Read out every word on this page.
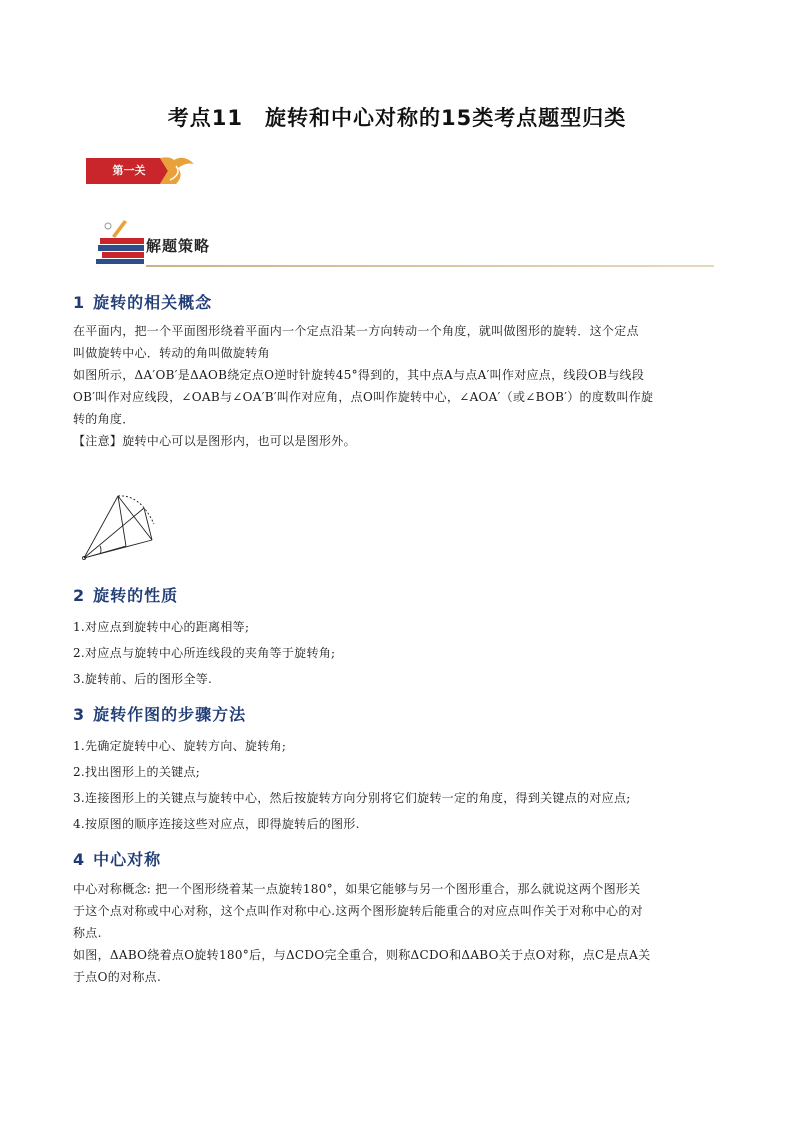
考点11　旋转和中心对称的15类考点题型归类
第一关
解题策略
1 旋转的相关概念
在平面内，把一个平面图形绕着平面内一个定点沿某一方向转动一个角度，就叫做图形的旋转．这个定点
叫做旋转中心．转动的角叫做旋转角
如图所示，ΔA′OB′是ΔAOB绕定点O逆时针旋转45°得到的，其中点A与点A′叫作对应点，线段OB与线段
OB′叫作对应线段，∠OAB与∠OA′B′叫作对应角，点O叫作旋转中心，∠AOA′（或∠BOB′）的度数叫作旋
转的角度．
【注意】旋转中心可以是图形内，也可以是图形外。
2 旋转的性质
1.对应点到旋转中心的距离相等;
2.对应点与旋转中心所连线段的夹角等于旋转角;
3.旋转前、后的图形全等.
3 旋转作图的步骤方法
1.先确定旋转中心、旋转方向、旋转角;
2.找出图形上的关键点;
3.连接图形上的关键点与旋转中心，然后按旋转方向分别将它们旋转一定的角度，得到关键点的对应点;
4.按原图的顺序连接这些对应点，即得旋转后的图形.
4 中心对称
中心对称概念: 把一个图形绕着某一点旋转180°，如果它能够与另一个图形重合，那么就说这两个图形关
于这个点对称或中心对称，这个点叫作对称中心.这两个图形旋转后能重合的对应点叫作关于对称中心的对
称点.
如图，ΔABO绕着点O旋转180°后，与ΔCDO完全重合，则称ΔCDO和ΔABO关于点O对称，点C是点A关
于点O的对称点.
